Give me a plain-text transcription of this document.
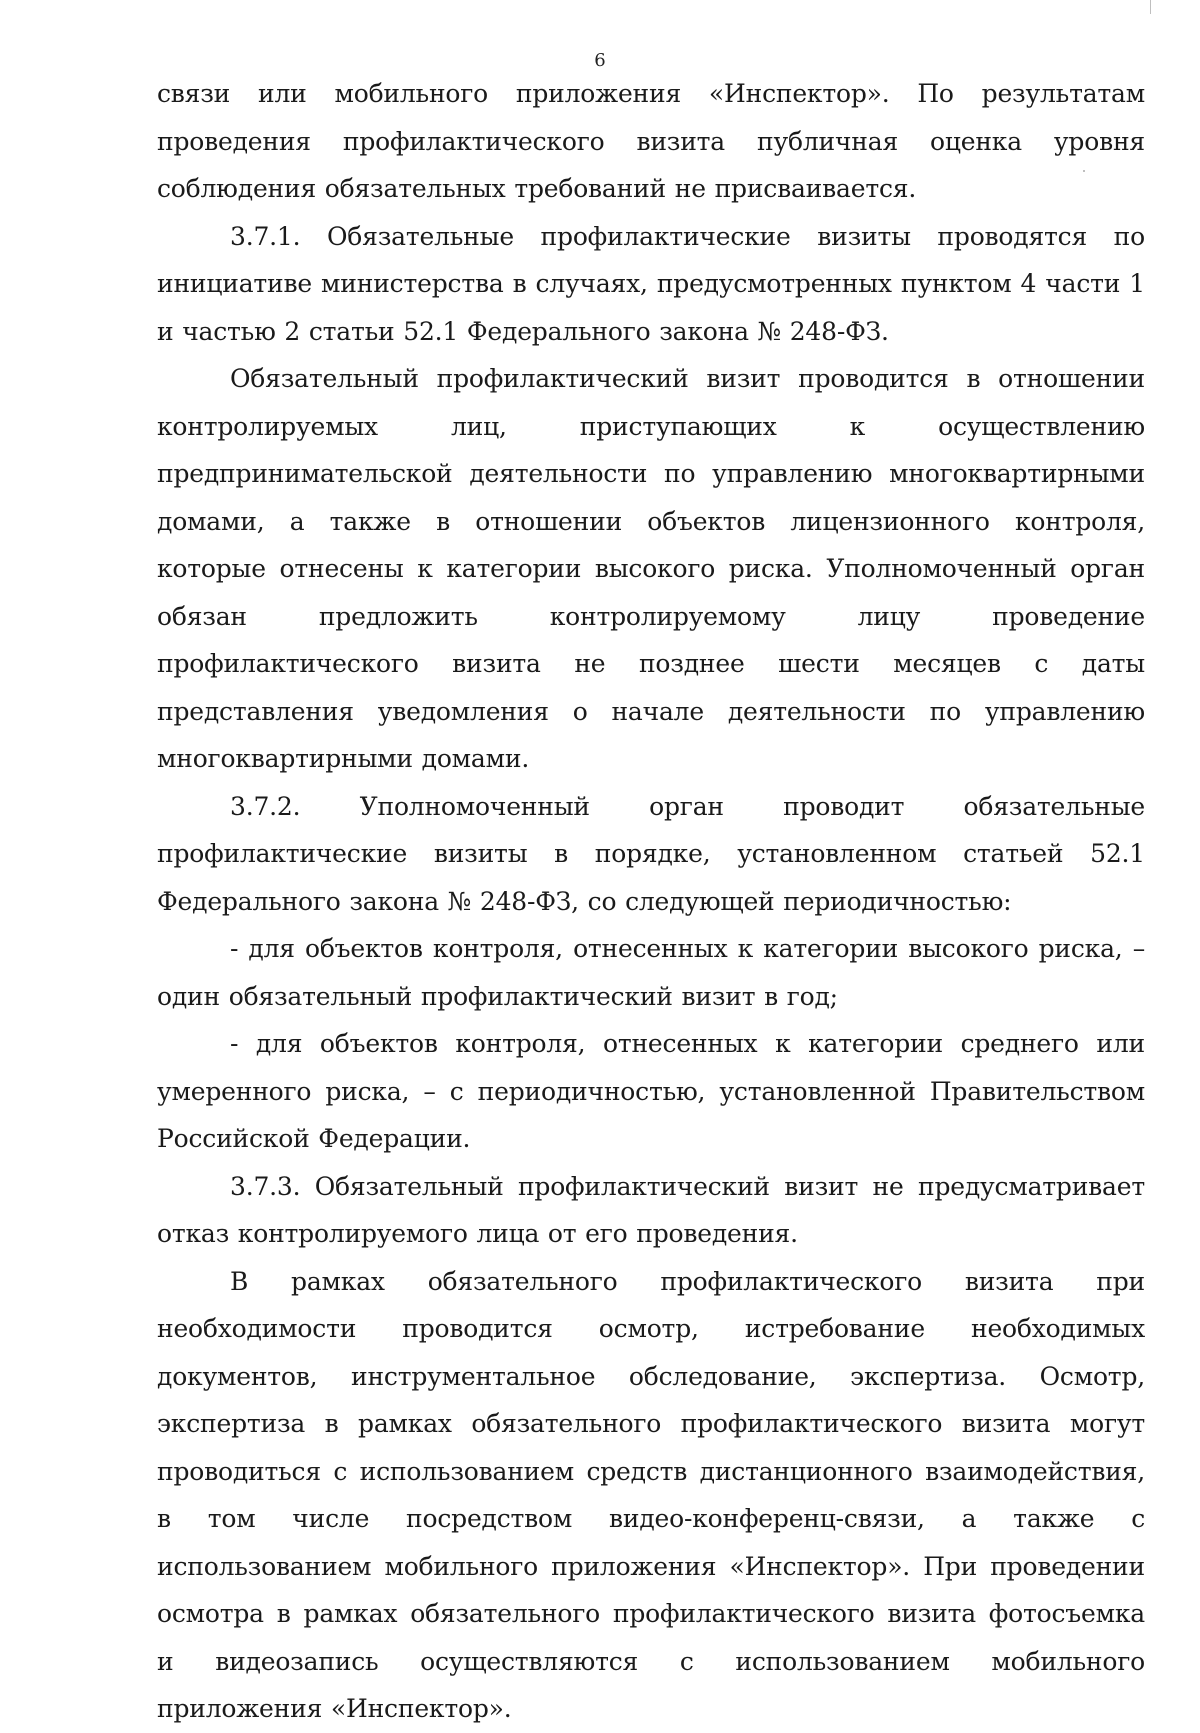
6

связи или мобильного приложения «Инспектор». По результатам проведения профилактического визита публичная оценка уровня соблюдения обязательных требований не присваивается.

3.7.1. Обязательные профилактические визиты проводятся по инициативе министерства в случаях, предусмотренных пунктом 4 части 1 и частью 2 статьи 52.1 Федерального закона № 248-ФЗ.

Обязательный профилактический визит проводится в отношении контролируемых лиц, приступающих к осуществлению предпринимательской деятельности по управлению многоквартирными домами, а также в отношении объектов лицензионного контроля, которые отнесены к категории высокого риска. Уполномоченный орган обязан предложить контролируемому лицу проведение профилактического визита не позднее шести месяцев с даты представления уведомления о начале деятельности по управлению многоквартирными домами.

3.7.2. Уполномоченный орган проводит обязательные профилактические визиты в порядке, установленном статьей 52.1 Федерального закона № 248-ФЗ, со следующей периодичностью:

- для объектов контроля, отнесенных к категории высокого риска, – один обязательный профилактический визит в год;

- для объектов контроля, отнесенных к категории среднего или умеренного риска, – с периодичностью, установленной Правительством Российской Федерации.

3.7.3. Обязательный профилактический визит не предусматривает отказ контролируемого лица от его проведения.

В рамках обязательного профилактического визита при необходимости проводится осмотр, истребование необходимых документов, инструментальное обследование, экспертиза. Осмотр, экспертиза в рамках обязательного профилактического визита могут проводиться с использованием средств дистанционного взаимодействия, в том числе посредством видео-конференц-связи, а также с использованием мобильного приложения «Инспектор». При проведении осмотра в рамках обязательного профилактического визита фотосъемка и видеозапись осуществляются с использованием мобильного приложения «Инспектор».
